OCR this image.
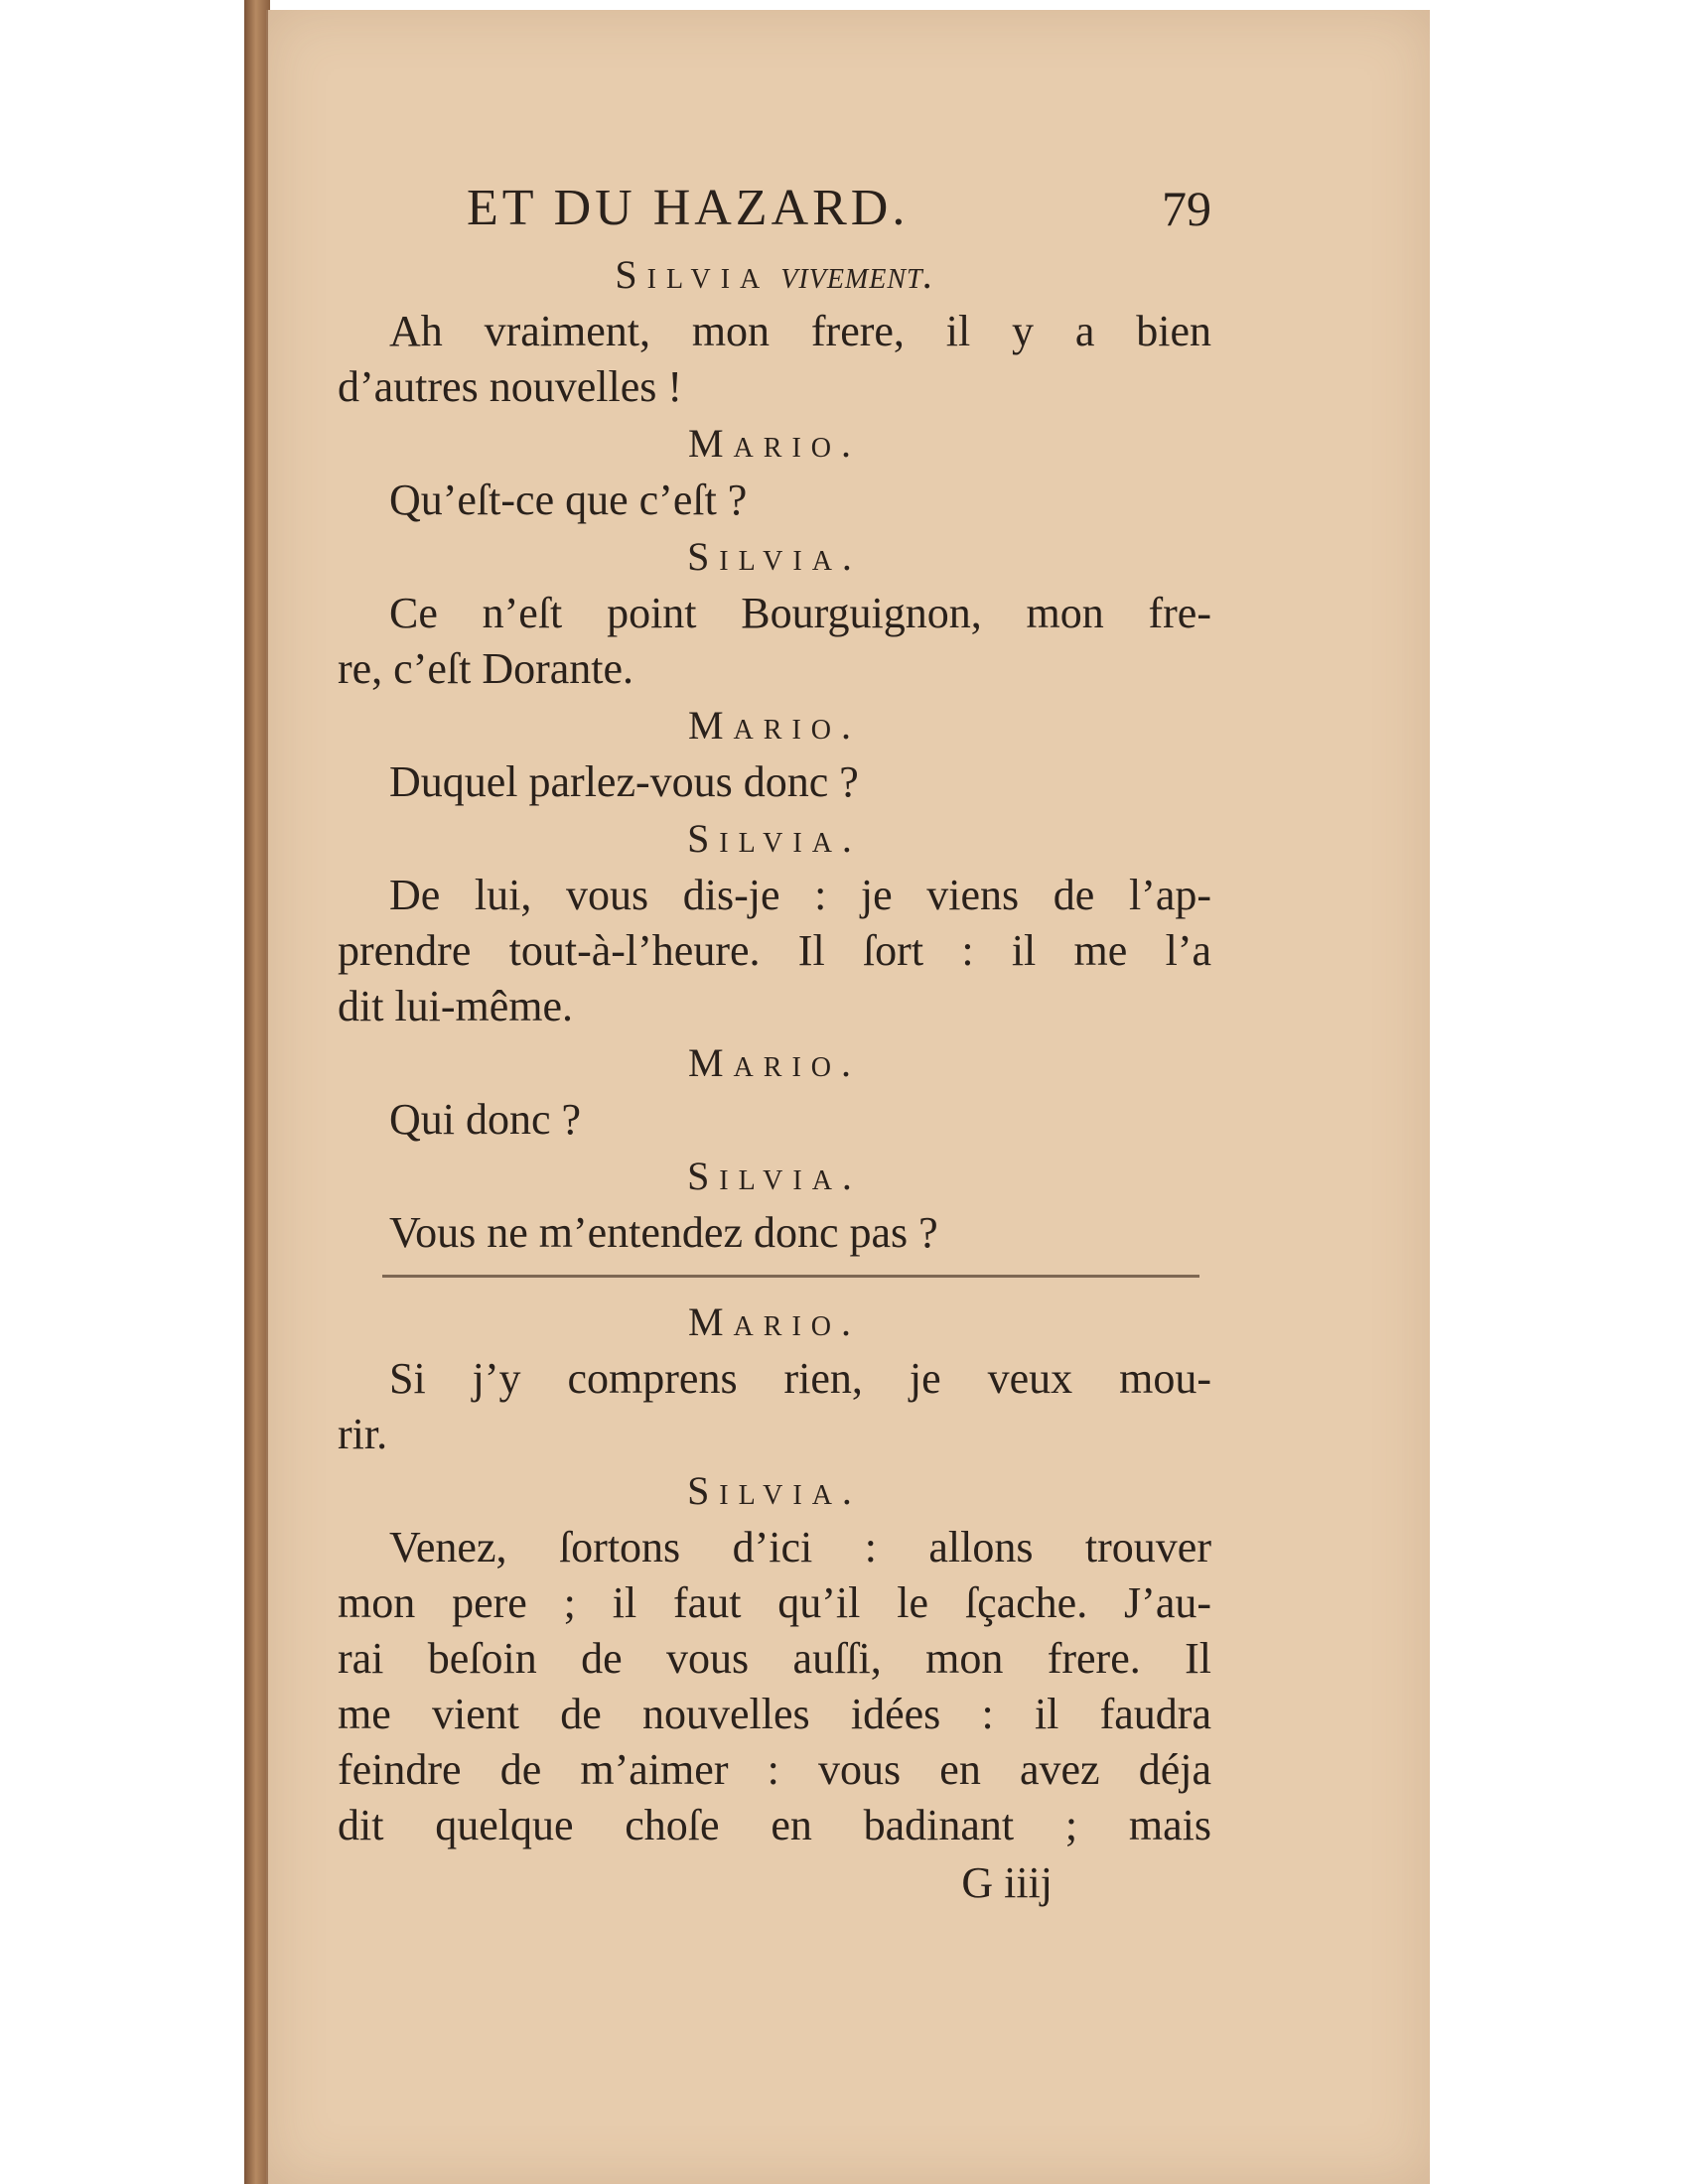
ET DU HAZARD.	79

Silvia vivement.

Ah vraiment, mon frere, il y a bien

d’autres nouvelles !

Mario.

Qu’eſt-ce que c’eſt ?

Silvia.

Ce n’eſt point Bourguignon, mon fre-

re, c’eſt Dorante.

Mario.

Duquel parlez-vous donc ?

Silvia.

De lui, vous dis-je : je viens de l’ap-

prendre tout-à-l’heure. Il ſort : il me l’a

dit lui-même.

Mario.

Qui donc ?

Silvia.

Vous ne m’entendez donc pas ?

Mario.

Si j’y comprens rien, je veux mou-

rir.

Silvia.

Venez, ſortons d’ici : allons trouver

mon pere ; il faut qu’il le ſçache. J’au-

rai beſoin de vous auſſi, mon frere. Il

me vient de nouvelles idées : il faudra

feindre de m’aimer : vous en avez déja

dit quelque choſe en badinant ; mais

G iiij
